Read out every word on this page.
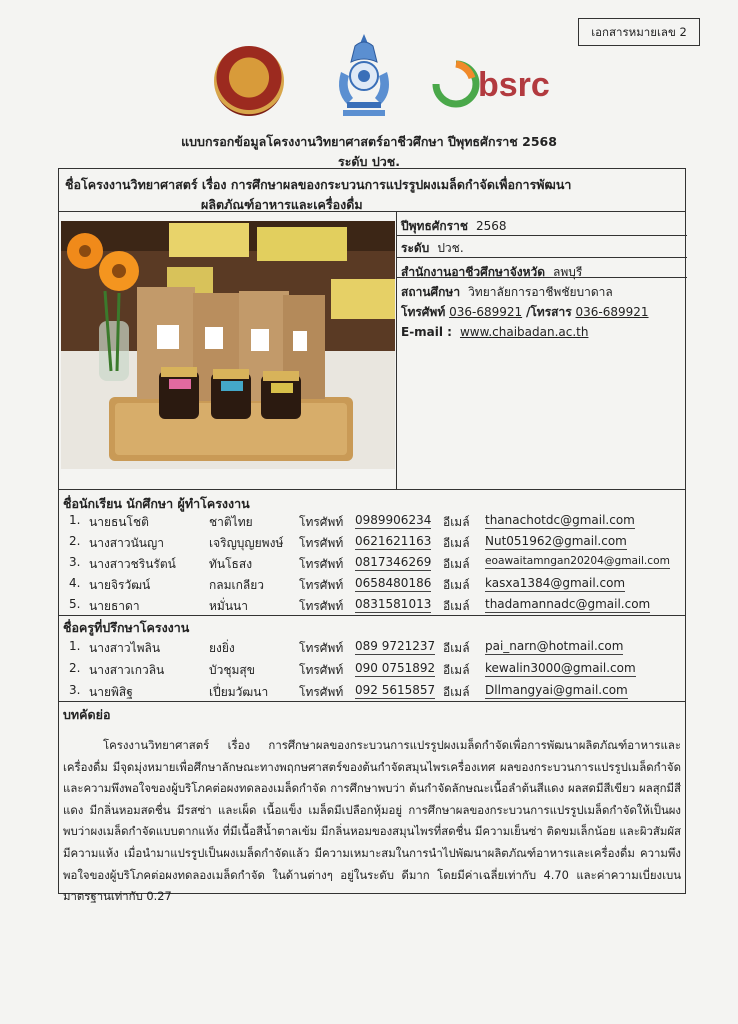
เอกสารหมายเลข 2
bsrc
แบบกรอกข้อมูลโครงงานวิทยาศาสตร์อาชีวศึกษา ปีพุทธศักราช 2568
ระดับ ปวช.
ชื่อโครงงานวิทยาศาสตร์ เรื่อง การศึกษาผลของกระบวนการแปรรูปผงเมล็ดกำจัดเพื่อการพัฒนา
ผลิตภัณฑ์อาหารและเครื่องดื่ม
ปีพุทธศักราช 2568
ระดับ ปวช.
สำนักงานอาชีวศึกษาจังหวัด ลพบุรี
สถานศึกษา วิทยาลัยการอาชีพชัยบาดาล
โทรศัพท์ 036-689921 /โทรสาร 036-689921
E-mail : www.chaibadan.ac.th
ชื่อนักเรียน นักศึกษา ผู้ทำโครงงาน
1. นายธนโชติ	ชาติไทย	โทรศัพท์ 0989906234 อีเมล์ thanachotdc@gmail.com
2. นางสาวนันญา	เจริญบุญยพงษ์ โทรศัพท์ 0621621163 อีเมล์ Nut051962@gmail.com
3. นางสาวชรินรัตน์	ทันโธสง	โทรศัพท์ 0817346269 อีเมล์ eoawaitamngan20204@gmail.com
4. นายจิรวัฒน์	กลมเกลียว	โทรศัพท์ 0658480186 อีเมล์ kasxa1384@gmail.com
5. นายธาดา	หมั่นนา	โทรศัพท์ 0831581013 อีเมล์ thadamannadc@gmail.com
ชื่อครูที่ปรึกษาโครงงาน
1. นางสาวไพลิน	ยงยิ่ง	โทรศัพท์ 089 9721237 อีเมล์ pai_narn@hotmail.com
2. นางสาวเกวลิน	บัวชุมสุข	โทรศัพท์ 090 0751892 อีเมล์ kewalin3000@gmail.com
3. นายพิสิฐ	เปี่ยมวัฒนา	โทรศัพท์ 092 5615857 อีเมล์ Dllmangyai@gmail.com
บทคัดย่อ

โครงงานวิทยาศาสตร์ เรื่อง การศึกษาผลของกระบวนการแปรรูปผงเมล็ดกำจัดเพื่อการพัฒนาผลิตภัณฑ์อาหารและเครื่องดื่ม มีจุดมุ่งหมายเพื่อศึกษาลักษณะทางพฤกษศาสตร์ของต้นกำจัดสมุนไพรเครื่องเทศ ผลของกระบวนการแปรรูปเมล็ดกำจัด และความพึงพอใจของผู้บริโภคต่อผงทดลองเมล็ดกำจัด การศึกษาพบว่า ต้นกำจัดลักษณะเนื้อลำต้นสีแดง ผลสดมีสีเขียว ผลสุกมีสีแดง มีกลิ่นหอมสดชื่น มีรสซ่า และเผ็ด เนื้อแข็ง เมล็ดมีเปลือกหุ้มอยู่ การศึกษาผลของกระบวนการแปรรูปเมล็ดกำจัดให้เป็นผง พบว่าผงเมล็ดกำจัดแบบตากแห้ง ที่มีเนื้อสีน้ำตาลเข้ม มีกลิ่นหอมของสมุนไพรที่สดชื่น มีความเย็นซ่า ติดขมเล็กน้อย และผิวสัมผัสมีความแห้ง เมื่อนำมาแปรรูปเป็นผงเมล็ดกำจัดแล้ว มีความเหมาะสมในการนำไปพัฒนาผลิตภัณฑ์อาหารและเครื่องดื่ม ความพึงพอใจของผู้บริโภคต่อผงทดลองเมล็ดกำจัด ในด้านต่างๆ อยู่ในระดับ ดีมาก โดยมีค่าเฉลี่ยเท่ากับ 4.70 และค่าความเบี่ยงเบนมาตรฐานเท่ากับ 0.27
